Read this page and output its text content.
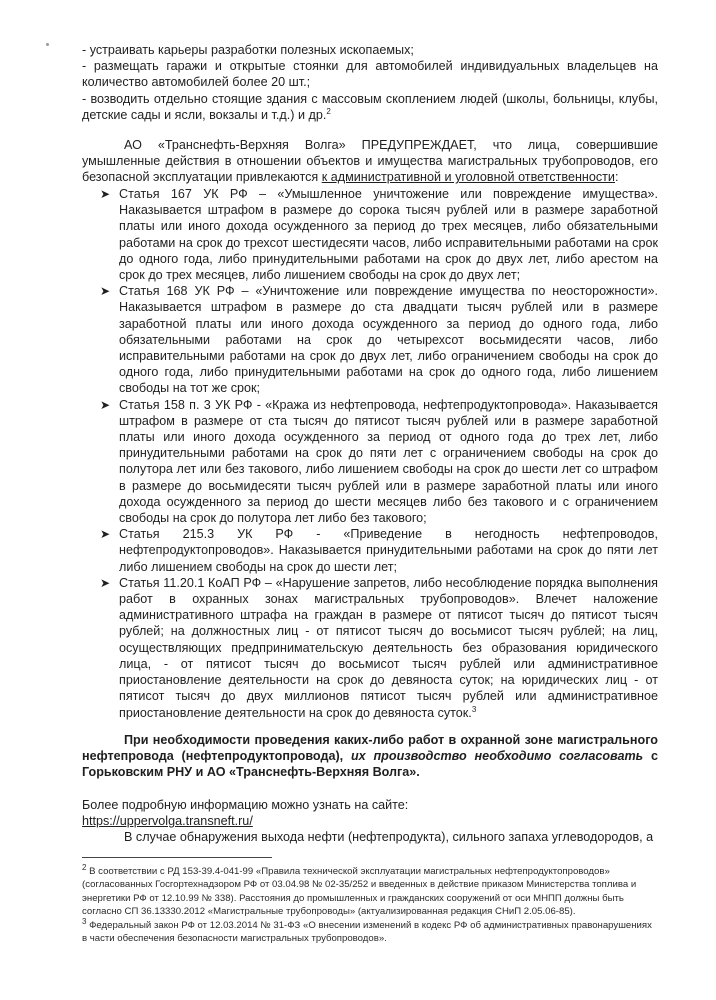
- устраивать карьеры разработки полезных ископаемых;

- размещать гаражи и открытые стоянки для автомобилей индивидуальных владельцев на количество автомобилей более 20 шт.;

- возводить отдельно стоящие здания с массовым скоплением людей (школы, больницы, клубы, детские сады и ясли, вокзалы и т.д.) и др.$^2$

АО «Транснефть-Верхняя Волга» ПРЕДУПРЕЖДАЕТ, что лица, совершившие умышленные действия в отношении объектов и имущества магистральных трубопроводов, его безопасной эксплуатации привлекаются к административной и уголовной ответственности:

➤ Статья 167 УК РФ – «Умышленное уничтожение или повреждение имущества». Наказывается штрафом в размере до сорока тысяч рублей или в размере заработной платы или иного дохода осужденного за период до трех месяцев, либо обязательными работами на срок до трехсот шестидесяти часов, либо исправительными работами на срок до одного года, либо принудительными работами на срок до двух лет, либо арестом на срок до трех месяцев, либо лишением свободы на срок до двух лет;
➤ Статья 168 УК РФ – «Уничтожение или повреждение имущества по неосторожности». Наказывается штрафом в размере до ста двадцати тысяч рублей или в размере заработной платы или иного дохода осужденного за период до одного года, либо обязательными работами на срок до четырехсот восьмидесяти часов, либо исправительными работами на срок до двух лет, либо ограничением свободы на срок до одного года, либо принудительными работами на срок до одного года, либо лишением свободы на тот же срок;
➤ Статья 158 п. 3 УК РФ - «Кража из нефтепровода, нефтепродуктопровода». Наказывается штрафом в размере от ста тысяч до пятисот тысяч рублей или в размере заработной платы или иного дохода осужденного за период от одного года до трех лет, либо принудительными работами на срок до пяти лет с ограничением свободы на срок до полутора лет или без такового, либо лишением свободы на срок до шести лет со штрафом в размере до восьмидесяти тысяч рублей или в размере заработной платы или иного дохода осужденного за период до шести месяцев либо без такового и с ограничением свободы на срок до полутора лет либо без такового;
➤ Статья 215.3 УК РФ - «Приведение в негодность нефтепроводов, нефтепродуктопроводов». Наказывается принудительными работами на срок до пяти лет либо лишением свободы на срок до шести лет;
➤ Статья 11.20.1 КоАП РФ – «Нарушение запретов, либо несоблюдение порядка выполнения работ в охранных зонах магистральных трубопроводов». Влечет наложение административного штрафа на граждан в размере от пятисот тысяч до пятисот тысяч рублей; на должностных лиц - от пятисот тысяч до восьмисот тысяч рублей; на лиц, осуществляющих предпринимательскую деятельность без образования юридического лица, - от пятисот тысяч до восьмисот тысяч рублей или административное приостановление деятельности на срок до девяноста суток; на юридических лиц - от пятисот тысяч до двух миллионов пятисот тысяч рублей или административное приостановление деятельности на срок до девяноста суток.$^3$

При необходимости проведения каких-либо работ в охранной зоне магистрального нефтепровода (нефтепродуктопровода), их производство необходимо согласовать с Горьковским РНУ и АО «Транснефть-Верхняя Волга».

Более подробную информацию можно узнать на сайте:

https://uppervolga.transneft.ru/

В случае обнаружения выхода нефти (нефтепродукта), сильного запаха углеводородов, а

$^2$ В соответствии с РД 153-39.4-041-99 «Правила технической эксплуатации магистральных нефтепродуктопроводов» (согласованных Госгортехнадзором РФ от 03.04.98 № 02-35/252 и введенных в действие приказом Министерства топлива и энергетики РФ от 12.10.99 № 338). Расстояния до промышленных и гражданских сооружений от оси МНПП должны быть согласно СП 36.13330.2012 «Магистральные трубопроводы» (актуализированная редакция СНиП 2.05.06-85).

$^3$ Федеральный закон РФ от 12.03.2014 № 31-ФЗ «О внесении изменений в кодекс РФ об административных правонарушениях в части обеспечения безопасности магистральных трубопроводов».
